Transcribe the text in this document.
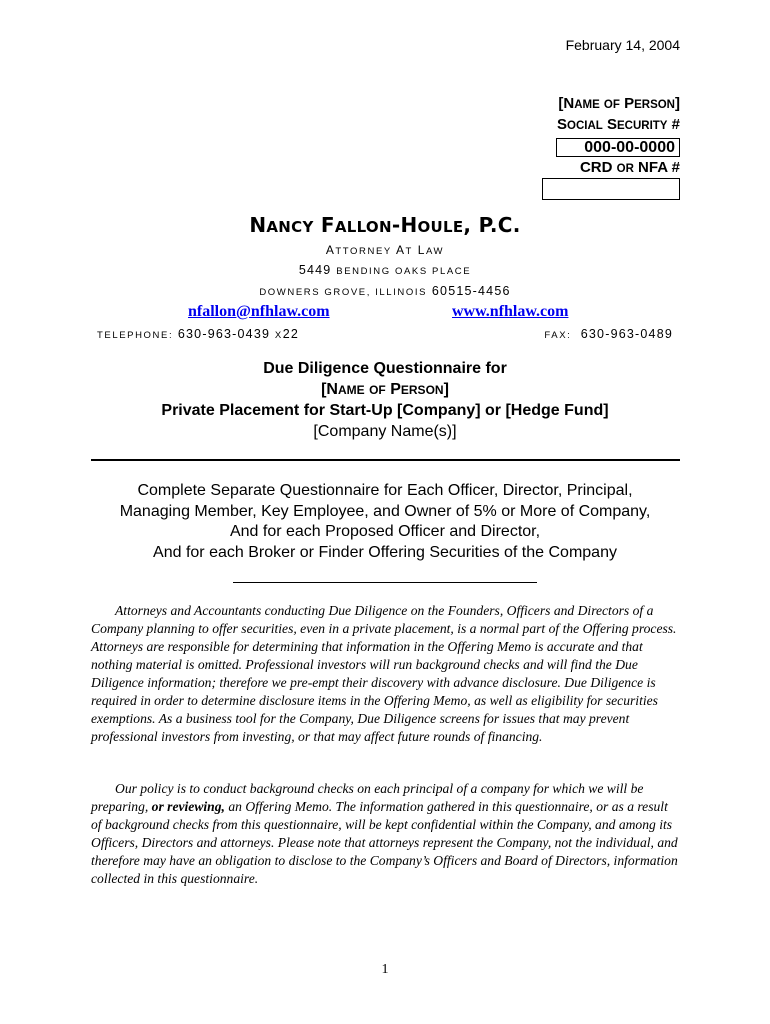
February 14, 2004
[NAME OF PERSON]
SOCIAL SECURITY #
000-00-0000
CRD OR NFA #
NANCY FALLON-HOULE, P.C.
ATTORNEY AT LAW
5449 BENDING OAKS PLACE
DOWNERS GROVE, ILLINOIS 60515-4456
nfallon@nfhlaw.com	www.nfhlaw.com
TELEPHONE: 630-963-0439 X22	FAX: 630-963-0489
Due Diligence Questionnaire for
[NAME OF PERSON]
Private Placement for Start-Up [Company] or [Hedge Fund]
[Company Name(s)]
Complete Separate Questionnaire for Each Officer, Director, Principal,
Managing Member, Key Employee, and Owner of 5% or More of Company,
And for each Proposed Officer and Director,
And for each Broker or Finder Offering Securities of the Company

Attorneys and Accountants conducting Due Diligence on the Founders, Officers and Directors of a Company planning to offer securities, even in a private placement, is a normal part of the Offering process. Attorneys are responsible for determining that information in the Offering Memo is accurate and that nothing material is omitted. Professional investors will run background checks and will find the Due Diligence information; therefore we pre-empt their discovery with advance disclosure. Due Diligence is required in order to determine disclosure items in the Offering Memo, as well as eligibility for securities exemptions. As a business tool for the Company, Due Diligence screens for issues that may prevent professional investors from investing, or that may affect future rounds of financing.

Our policy is to conduct background checks on each principal of a company for which we will be preparing, or reviewing, an Offering Memo. The information gathered in this questionnaire, or as a result of background checks from this questionnaire, will be kept confidential within the Company, and among its Officers, Directors and attorneys. Please note that attorneys represent the Company, not the individual, and therefore may have an obligation to disclose to the Company’s Officers and Board of Directors, information collected in this questionnaire.

1
